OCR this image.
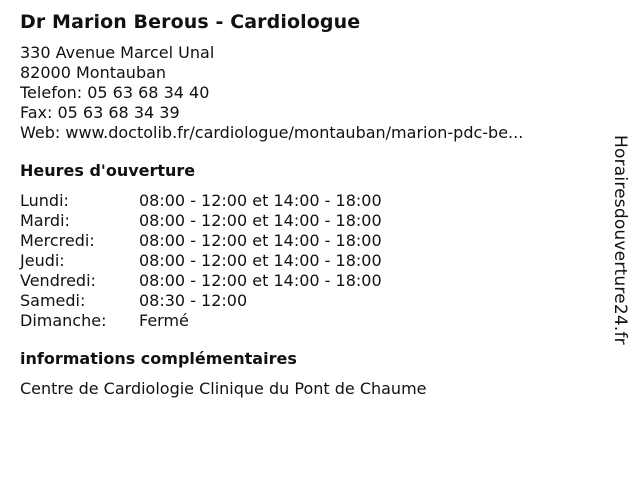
Dr Marion Berous - Cardiologue
330 Avenue Marcel Unal
82000 Montauban
Telefon: 05 63 68 34 40
Fax: 05 63 68 34 39
Web: www.doctolib.fr/cardiologue/montauban/marion-pdc-be...
Heures d'ouverture
Lundi:	08:00 - 12:00 et 14:00 - 18:00
Mardi:	08:00 - 12:00 et 14:00 - 18:00
Mercredi:	08:00 - 12:00 et 14:00 - 18:00
Jeudi:	08:00 - 12:00 et 14:00 - 18:00
Vendredi:	08:00 - 12:00 et 14:00 - 18:00
Samedi:	08:30 - 12:00
Dimanche:	Fermé
informations complémentaires
Centre de Cardiologie Clinique du Pont de Chaume
Horairesdouverture24.fr
